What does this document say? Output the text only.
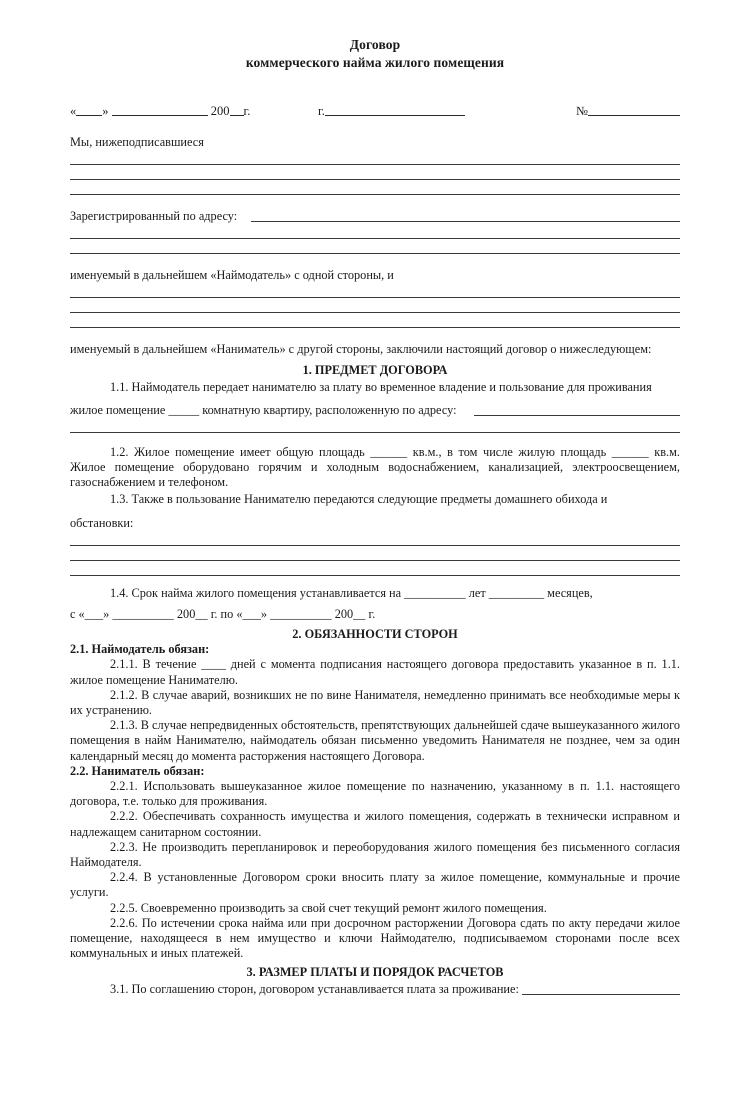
Договор
коммерческого найма жилого помещения
« »	200 г.	г.	№
Мы, нижеподписавшиеся
Зарегистрированный по адресу:
именуемый в дальнейшем «Наймодатель» с одной стороны, и
именуемый в дальнейшем «Наниматель» с другой стороны, заключили настоящий договор о нижеследующем:
1. ПРЕДМЕТ ДОГОВОРА
1.1. Наймодатель передает нанимателю за плату во временное владение и пользование для проживания
жилое помещение _____ комнатную квартиру, расположенную по адресу:
1.2. Жилое помещение имеет общую площадь ______ кв.м., в том числе жилую площадь ______ кв.м. Жилое помещение оборудовано горячим и холодным водоснабжением, канализацией, электроосвещением, газоснабжением и телефоном.
1.3. Также в пользование Нанимателю передаются следующие предметы домашнего обихода и
обстановки:
1.4. Срок найма жилого помещения устанавливается на __________ лет _________ месяцев,
с «___» __________ 200__ г. по «___» __________ 200__ г.
2. ОБЯЗАННОСТИ СТОРОН
2.1. Наймодатель обязан:
2.1.1. В течение ____ дней с момента подписания настоящего договора предоставить указанное в п. 1.1. жилое помещение Нанимателю.
2.1.2. В случае аварий, возникших не по вине Нанимателя, немедленно принимать все необходимые меры к их устранению.
2.1.3. В случае непредвиденных обстоятельств, препятствующих дальнейшей сдаче вышеуказанного жилого помещения в найм Нанимателю, наймодатель обязан письменно уведомить Нанимателя не позднее, чем за один календарный месяц до момента расторжения настоящего Договора.
2.2. Наниматель обязан:
2.2.1. Использовать вышеуказанное жилое помещение по назначению, указанному в п. 1.1. настоящего договора, т.е. только для проживания.
2.2.2. Обеспечивать сохранность имущества и жилого помещения, содержать в технически исправном и надлежащем санитарном состоянии.
2.2.3. Не производить перепланировок и переоборудования жилого помещения без письменного согласия Наймодателя.
2.2.4. В установленные Договором сроки вносить плату за жилое помещение, коммунальные и прочие услуги.
2.2.5. Своевременно производить за свой счет текущий ремонт жилого помещения.
2.2.6. По истечении срока найма или при досрочном расторжении Договора сдать по акту передачи жилое помещение, находящееся в нем имущество и ключи Наймодателю, подписываемом сторонами после всех коммунальных и иных платежей.
3. РАЗМЕР ПЛАТЫ И ПОРЯДОК РАСЧЕТОВ
3.1. По соглашению сторон, договором устанавливается плата за проживание:
